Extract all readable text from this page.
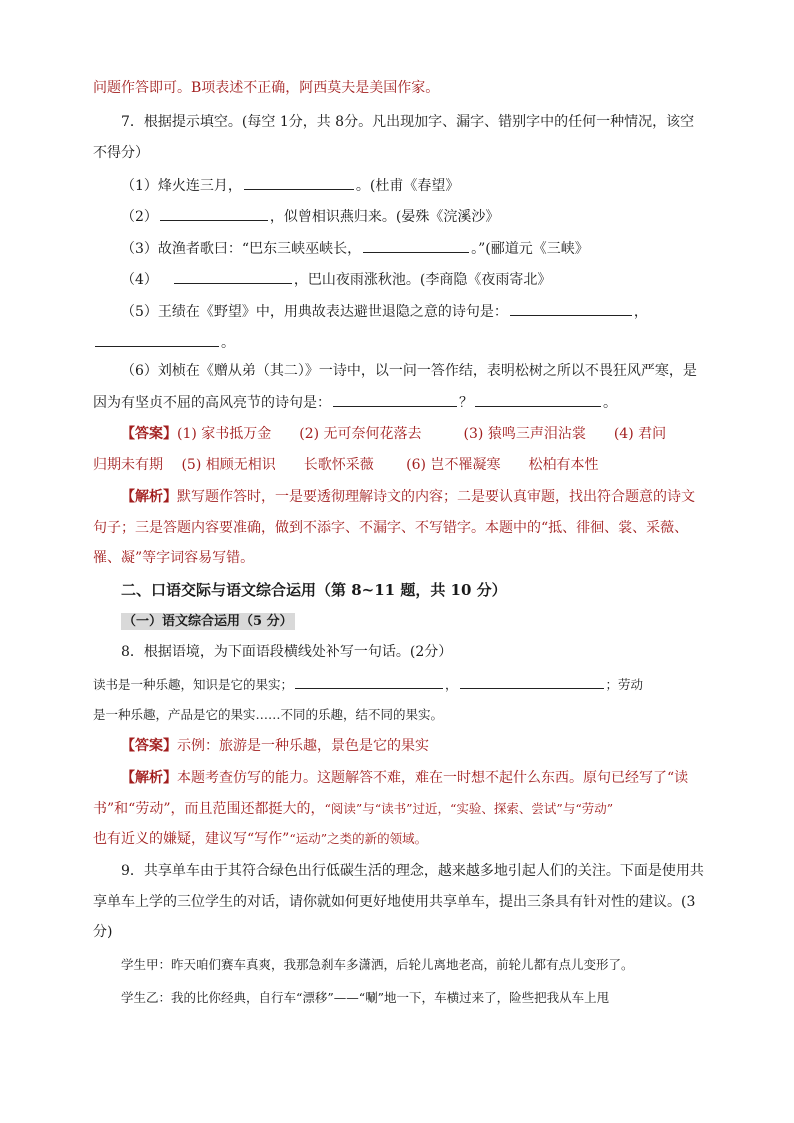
问题作答即可。B项表述不正确，阿西莫夫是美国作家。
7．根据提示填空。(每空 1分，共 8分。凡出现加字、漏字、错别字中的任何一种情况，该空
不得分）
（1）烽火连三月，	。(杜甫《春望》
（2）	，似曾相识燕归来。(晏殊《浣溪沙》
（3）故渔者歌曰：“巴东三峡巫峡长，	。”(郦道元《三峡》
（4）	，巴山夜雨涨秋池。(李商隐《夜雨寄北》
（5）王绩在《野望》中，用典故表达避世退隐之意的诗句是：	，
。
（6）刘桢在《赠从弟（其二）》一诗中，以一问一答作结，表明松树之所以不畏狂风严寒，是
因为有坚贞不屈的高风亮节的诗句是：	？	。
【答案】(1) 家书抵万金　　(2) 无可奈何花落去　　　(3) 猿鸣三声泪沾裳　　(4) 君问
归期未有期　 (5) 相顾无相识　　长歌怀采薇　　 (6) 岂不罹凝寒　　松柏有本性
【解析】默写题作答时，一是要透彻理解诗文的内容；二是要认真审题，找出符合题意的诗文
句子；三是答题内容要准确，做到不添字、不漏字、不写错字。本题中的“抵、徘徊、裳、采薇、
罹、凝”等字词容易写错。
二、口语交际与语文综合运用（第 8~11 题，共 10 分）
（一）语文综合运用（5 分）
8．根据语境，为下面语段横线处补写一句话。(2分）
读书是一种乐趣，知识是它的果实；	，	；劳动
是一种乐趣，产品是它的果实……不同的乐趣，结不同的果实。
【答案】示例：旅游是一种乐趣，景色是它的果实
【解析】本题考查仿写的能力。这题解答不难，难在一时想不起什么东西。原句已经写了“读
书”和“劳动”，而且范围还都挺大的，“阅读”与“读书”过近，“实验、探索、尝试”与“劳动”
也有近义的嫌疑，建议写“写作”“运动”之类的新的领域。
9．共享单车由于其符合绿色出行低碳生活的理念，越来越多地引起人们的关注。下面是使用共
享单车上学的三位学生的对话，请你就如何更好地使用共享单车，提出三条具有针对性的建议。(3
分)
学生甲：昨天咱们赛车真爽，我那急刹车多潇洒，后轮儿离地老高，前轮儿都有点儿变形了。
学生乙：我的比你经典，自行车“漂移”——“唰”地一下，车横过来了，险些把我从车上甩
